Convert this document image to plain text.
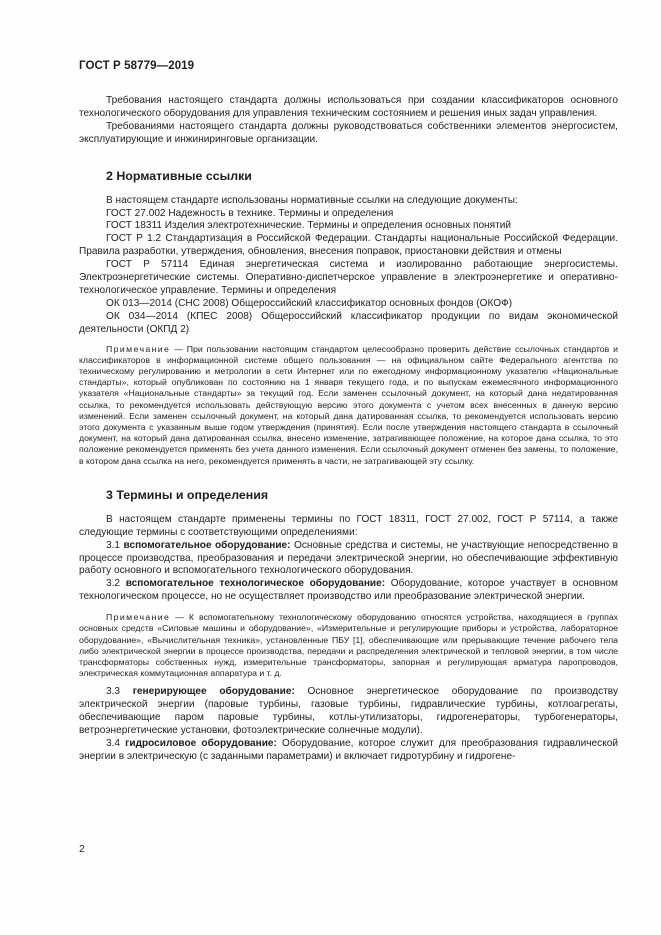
ГОСТ Р 58779—2019

Требования настоящего стандарта должны использоваться при создании классификаторов основного технологического оборудования для управления техническим состоянием и решения иных задач управления.

Требованиями настоящего стандарта должны руководствоваться собственники элементов энергосистем, эксплуатирующие и инжиниринговые организации.

2 Нормативные ссылки

В настоящем стандарте использованы нормативные ссылки на следующие документы:

ГОСТ 27.002 Надежность в технике. Термины и определения

ГОСТ 18311 Изделия электротехнические. Термины и определения основных понятий

ГОСТ Р 1.2 Стандартизация в Российской Федерации. Стандарты национальные Российской Федерации. Правила разработки, утверждения, обновления, внесения поправок, приостановки действия и отмены

ГОСТ Р 57114 Единая энергетическая система и изолированно работающие энергосистемы. Электроэнергетические системы. Оперативно-диспетчерское управление в электроэнергетике и оперативно-технологическое управление. Термины и определения

ОК 013—2014 (СНС 2008) Общероссийский классификатор основных фондов (ОКОФ)

ОК 034—2014 (КПЕС 2008) Общероссийский классификатор продукции по видам экономической деятельности (ОКПД 2)

Примечание — При пользовании настоящим стандартом целесообразно проверить действие ссылочных стандартов и классификаторов в информационной системе общего пользования — на официальном сайте Федерального агентства по техническому регулированию и метрологии в сети Интернет или по ежегодному информационному указателю «Национальные стандарты», который опубликован по состоянию на 1 января текущего года, и по выпускам ежемесячного информационного указателя «Национальные стандарты» за текущий год. Если заменен ссылочный документ, на который дана недатированная ссылка, то рекомендуется использовать действующую версию этого документа с учетом всех внесенных в данную версию изменений. Если заменен ссылочный документ, на который дана датированная ссылка, то рекомендуется использовать версию этого документа с указанным выше годом утверждения (принятия). Если после утверждения настоящего стандарта в ссылочный документ, на который дана датированная ссылка, внесено изменение, затрагивающее положение, на которое дана ссылка, то это положение рекомендуется применять без учета данного изменения. Если ссылочный документ отменен без замены, то положение, в котором дана ссылка на него, рекомендуется применять в части, не затрагивающей эту ссылку.

3 Термины и определения

В настоящем стандарте применены термины по ГОСТ 18311, ГОСТ 27.002, ГОСТ Р 57114, а также следующие термины с соответствующими определениями:

3.1 вспомогательное оборудование: Основные средства и системы, не участвующие непосредственно в процессе производства, преобразования и передачи электрической энергии, но обеспечивающие эффективную работу основного и вспомогательного технологического оборудования.

3.2 вспомогательное технологическое оборудование: Оборудование, которое участвует в основном технологическом процессе, но не осуществляет производство или преобразование электрической энергии.

Примечание — К вспомогательному технологическому оборудованию относятся устройства, находящиеся в группах основных средств «Силовые машины и оборудование», «Измерительные и регулирующие приборы и устройства, лабораторное оборудование», «Вычислительная техника», установленные ПБУ [1], обеспечивающие или прерывающие течение рабочего тела либо электрической энергии в процессе производства, передачи и распределения электрической и тепловой энергии, в том числе трансформаторы собственных нужд, измерительные трансформаторы, запорная и регулирующая арматура паропроводов, электрическая коммутационная аппаратура и т. д.

3.3 генерирующее оборудование: Основное энергетическое оборудование по производству электрической энергии (паровые турбины, газовые турбины, гидравлические турбины, котлоагрегаты, обеспечивающие паром паровые турбины, котлы-утилизаторы, гидрогенераторы, турбогенераторы, ветроэнергетические установки, фотоэлектрические солнечные модули).

3.4 гидросиловое оборудование: Оборудование, которое служит для преобразования гидравлической энергии в электрическую (с заданными параметрами) и включает гидротурбину и гидрогене-

2
